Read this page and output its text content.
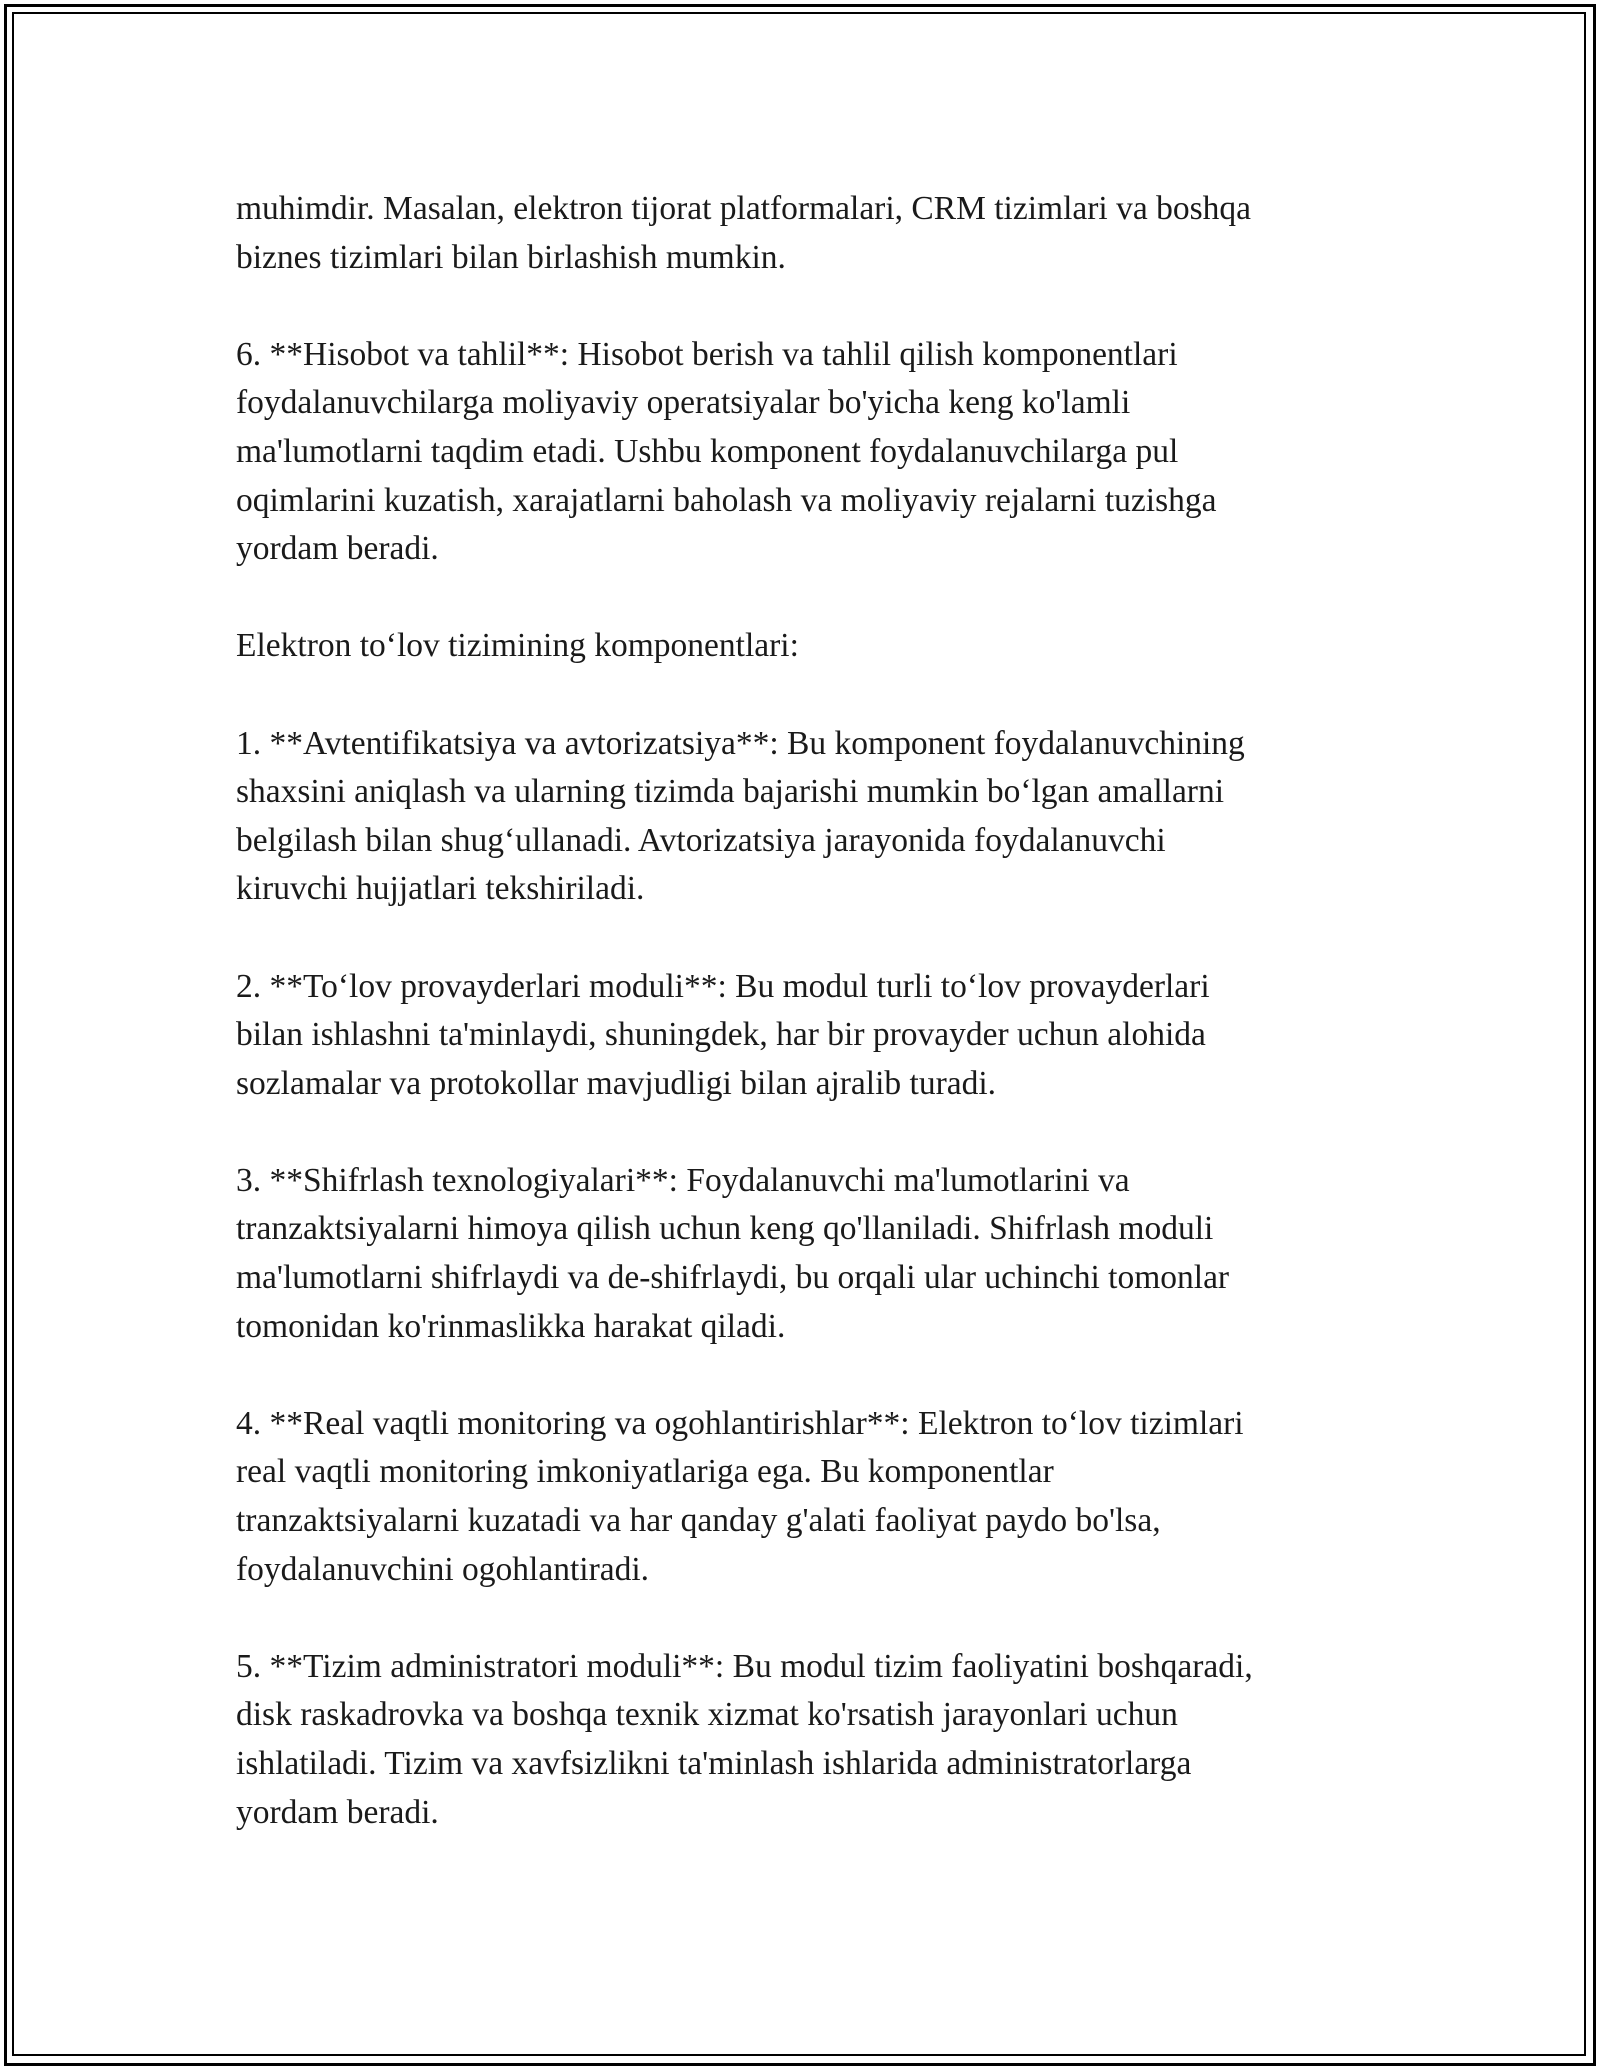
muhimdir. Masalan, elektron tijorat platformalari, CRM tizimlari va boshqa
biznes tizimlari bilan birlashish mumkin.

6. **Hisobot va tahlil**: Hisobot berish va tahlil qilish komponentlari
foydalanuvchilarga moliyaviy operatsiyalar bo'yicha keng ko'lamli
ma'lumotlarni taqdim etadi. Ushbu komponent foydalanuvchilarga pul
oqimlarini kuzatish, xarajatlarni baholash va moliyaviy rejalarni tuzishga
yordam beradi.

Elektron to‘lov tizimining komponentlari:

1. **Avtentifikatsiya va avtorizatsiya**: Bu komponent foydalanuvchining
shaxsini aniqlash va ularning tizimda bajarishi mumkin bo‘lgan amallarni
belgilash bilan shug‘ullanadi. Avtorizatsiya jarayonida foydalanuvchi
kiruvchi hujjatlari tekshiriladi.

2. **To‘lov provayderlari moduli**: Bu modul turli to‘lov provayderlari
bilan ishlashni ta'minlaydi, shuningdek, har bir provayder uchun alohida
sozlamalar va protokollar mavjudligi bilan ajralib turadi.

3. **Shifrlash texnologiyalari**: Foydalanuvchi ma'lumotlarini va
tranzaktsiyalarni himoya qilish uchun keng qo'llaniladi. Shifrlash moduli
ma'lumotlarni shifrlaydi va de-shifrlaydi, bu orqali ular uchinchi tomonlar
tomonidan ko'rinmaslikka harakat qiladi.

4. **Real vaqtli monitoring va ogohlantirishlar**: Elektron to‘lov tizimlari
real vaqtli monitoring imkoniyatlariga ega. Bu komponentlar
tranzaktsiyalarni kuzatadi va har qanday g'alati faoliyat paydo bo'lsa,
foydalanuvchini ogohlantiradi.

5. **Tizim administratori moduli**: Bu modul tizim faoliyatini boshqaradi,
disk raskadrovka va boshqa texnik xizmat ko'rsatish jarayonlari uchun
ishlatiladi. Tizim va xavfsizlikni ta'minlash ishlarida administratorlarga
yordam beradi.
